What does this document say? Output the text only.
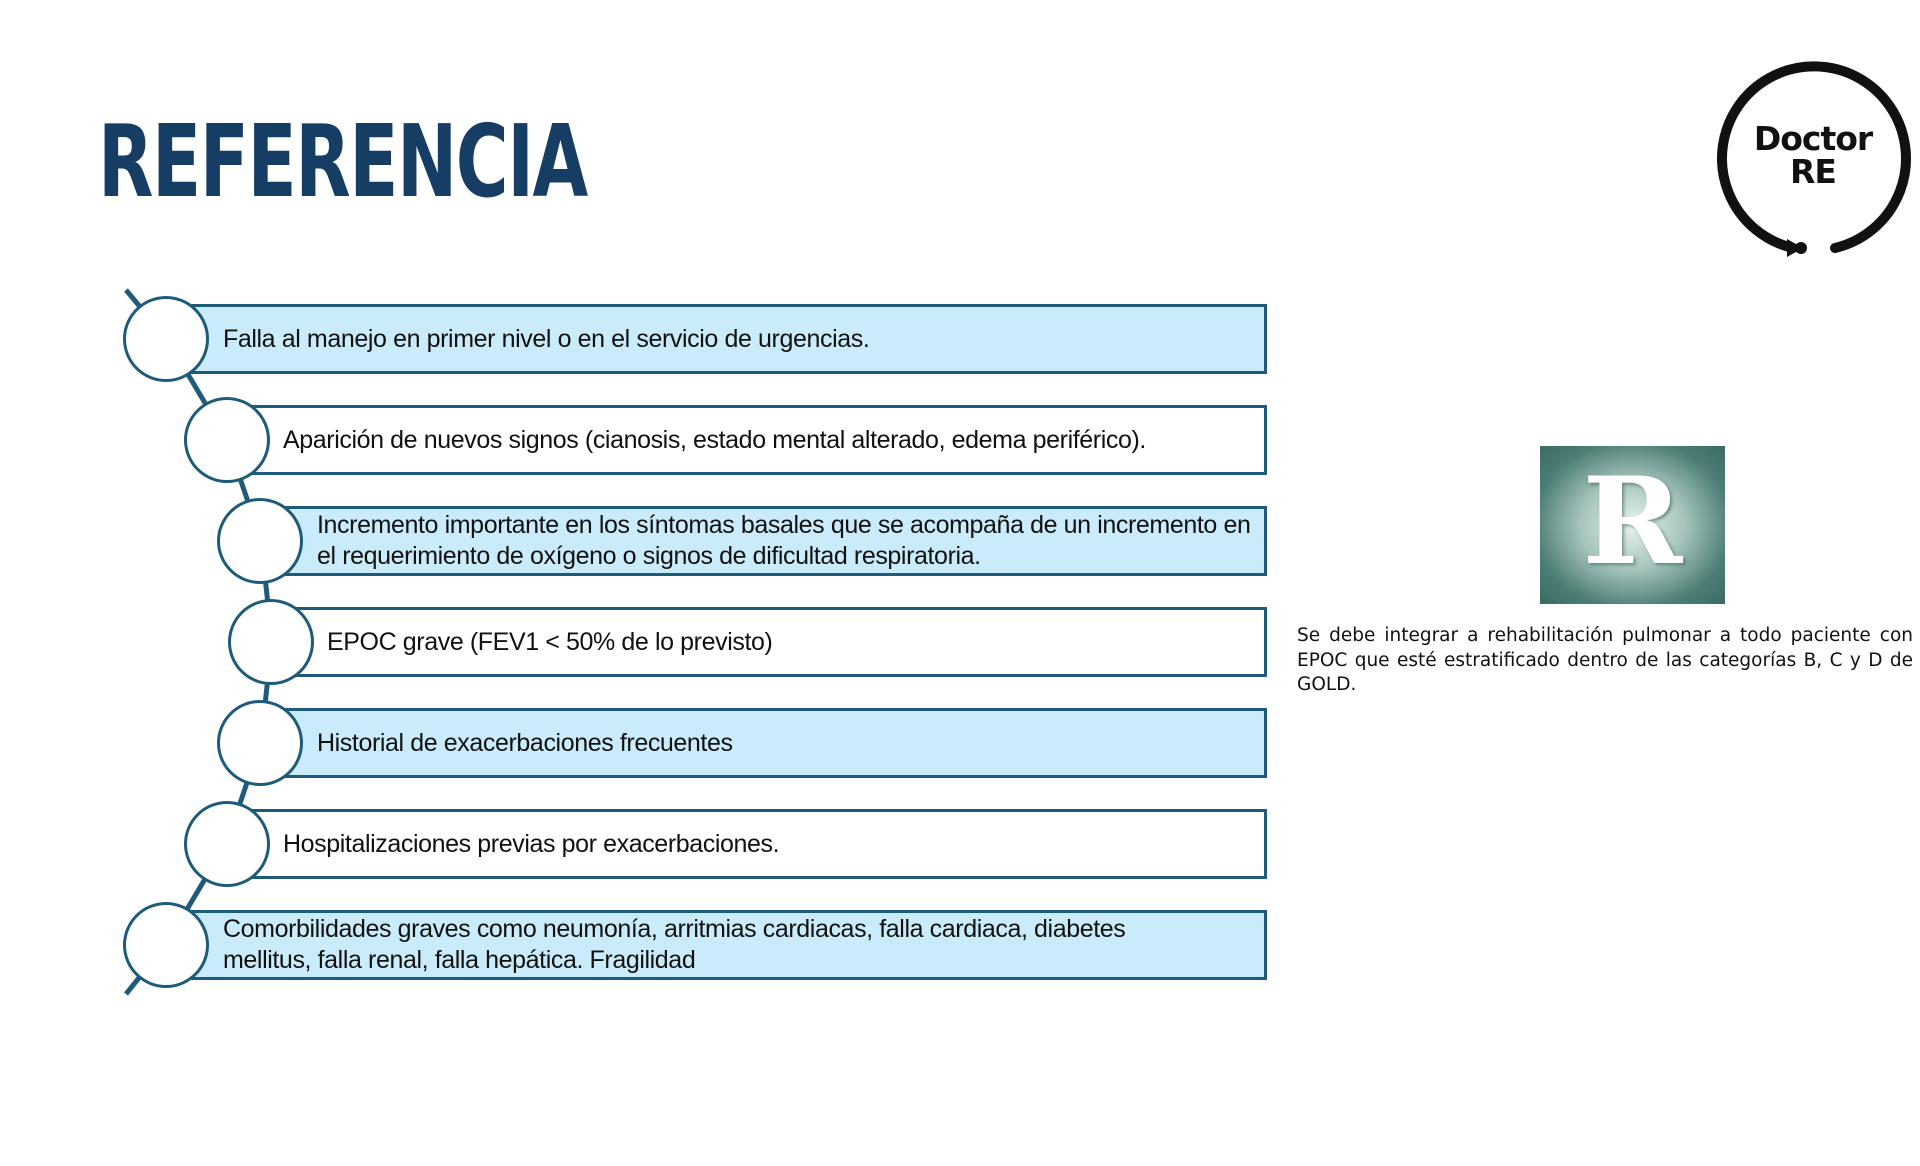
REFERENCIA	Doctor
RE
Falla al manejo en primer nivel o en el servicio de urgencias.
Aparición de nuevos signos (cianosis, estado mental alterado, edema periférico).
Incremento importante en los síntomas basales que se acompaña de un incremento en el requerimiento de oxígeno o signos de dificultad respiratoria.
EPOC grave (FEV1 < 50% de lo previsto)
Historial de exacerbaciones frecuentes
Hospitalizaciones previas por exacerbaciones.
Comorbilidades graves como neumonía, arritmias cardiacas, falla cardiaca, diabetes mellitus, falla renal, falla hepática. Fragilidad
R
Se debe integrar a rehabilitación pulmonar a todo paciente con EPOC que esté estratificado dentro de las categorías B, C y D de GOLD.
